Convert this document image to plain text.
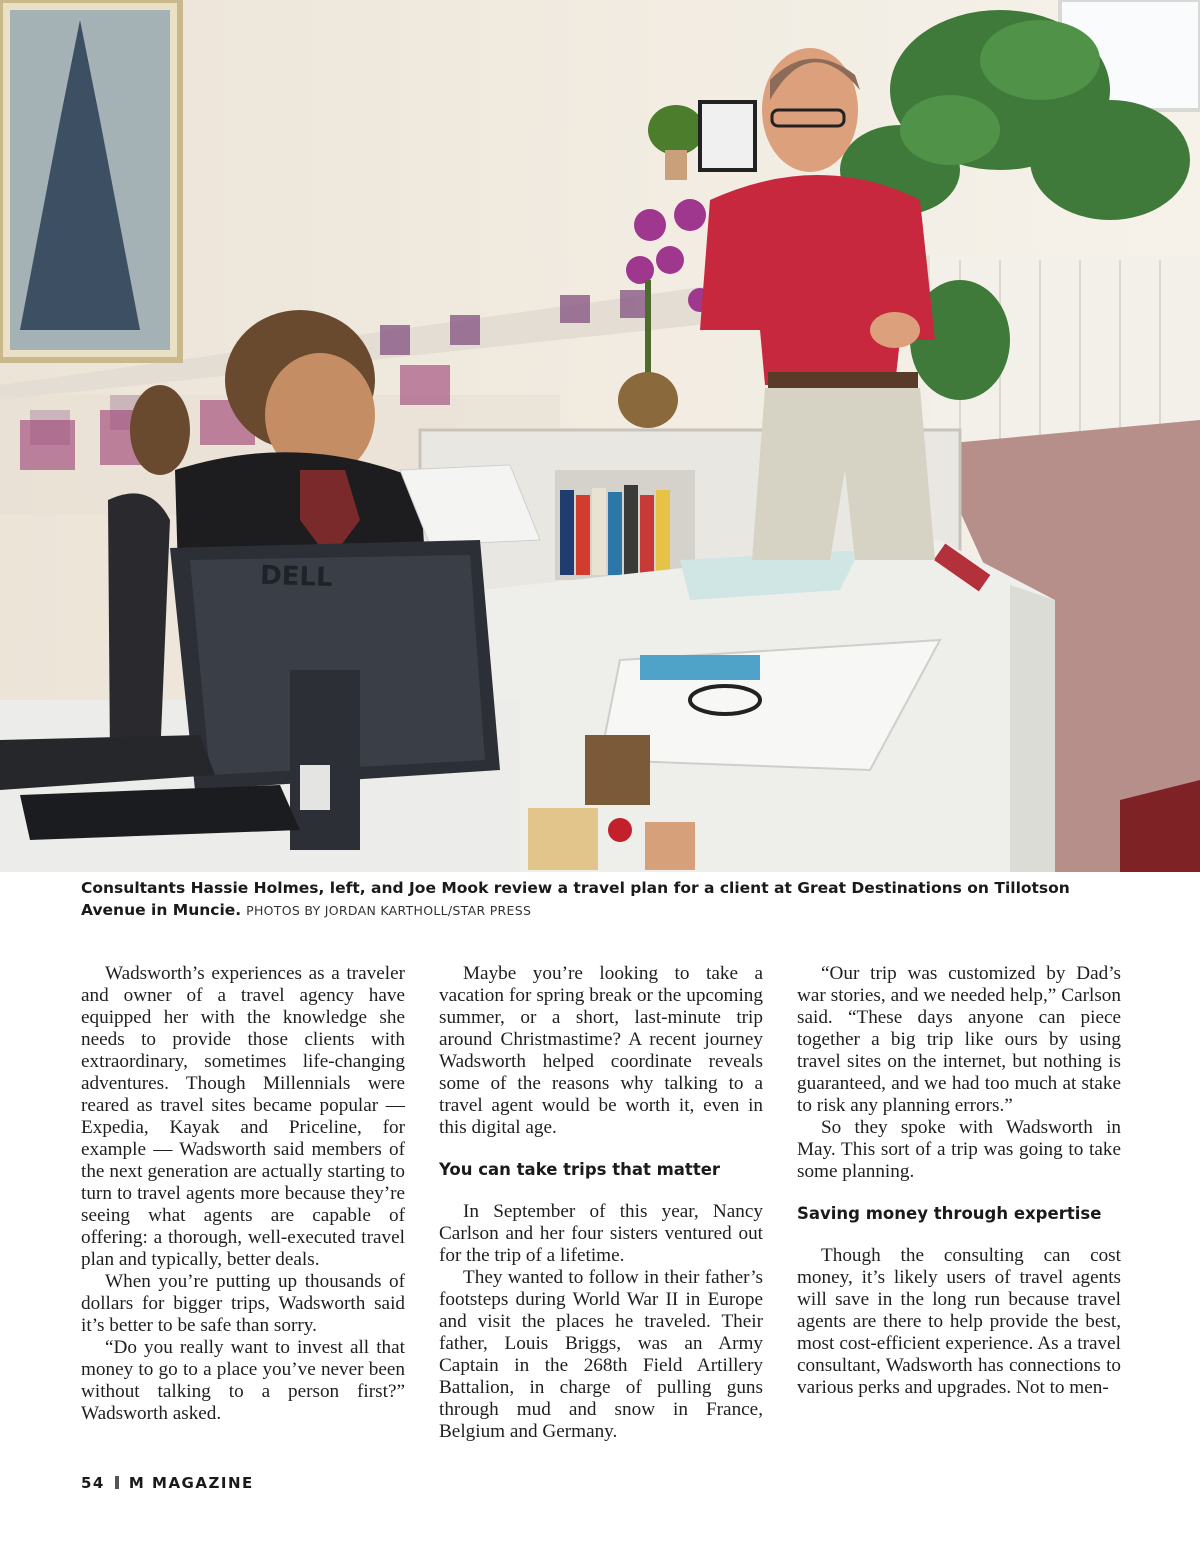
DELL
Consultants Hassie Holmes, left, and Joe Mook review a travel plan for a client at Great Destinations on Tillotson Avenue in Muncie. PHOTOS BY JORDAN KARTHOLL/STAR PRESS

Wadsworth’s experiences as a traveler and owner of a travel agency have equipped her with the knowledge she needs to provide those clients with extraordinary, sometimes life-changing adventures. Though Millennials were reared as travel sites became popular — Expedia, Kayak and Priceline, for example — Wadsworth said members of the next generation are actually starting to turn to travel agents more because they’re seeing what agents are capable of offering: a thorough, well-executed travel plan and typically, better deals.

When you’re putting up thousands of dollars for bigger trips, Wadsworth said it’s better to be safe than sorry.

“Do you really want to invest all that money to go to a place you’ve never been without talking to a person first?” Wadsworth asked.

Maybe you’re looking to take a vacation for spring break or the upcoming summer, or a short, last-minute trip around Christmastime? A recent journey Wadsworth helped coordinate reveals some of the reasons why talking to a travel agent would be worth it, even in this digital age.

You can take trips that matter

In September of this year, Nancy Carlson and her four sisters ventured out for the trip of a lifetime.

They wanted to follow in their father’s footsteps during World War II in Europe and visit the places he traveled. Their father, Louis Briggs, was an Army Captain in the 268th Field Artillery Battalion, in charge of pulling guns through mud and snow in France, Belgium and Germany.

“Our trip was customized by Dad’s war stories, and we needed help,” Carlson said. “These days anyone can piece together a big trip like ours by using travel sites on the internet, but nothing is guaranteed, and we had too much at stake to risk any planning errors.”

So they spoke with Wadsworth in May. This sort of a trip was going to take some planning.

Saving money through expertise

Though the consulting can cost money, it’s likely users of travel agents will save in the long run because travel agents are there to help provide the best, most cost-efficient experience. As a travel consultant, Wadsworth has connections to various perks and upgrades. Not to men-

54 M MAGAZINE
